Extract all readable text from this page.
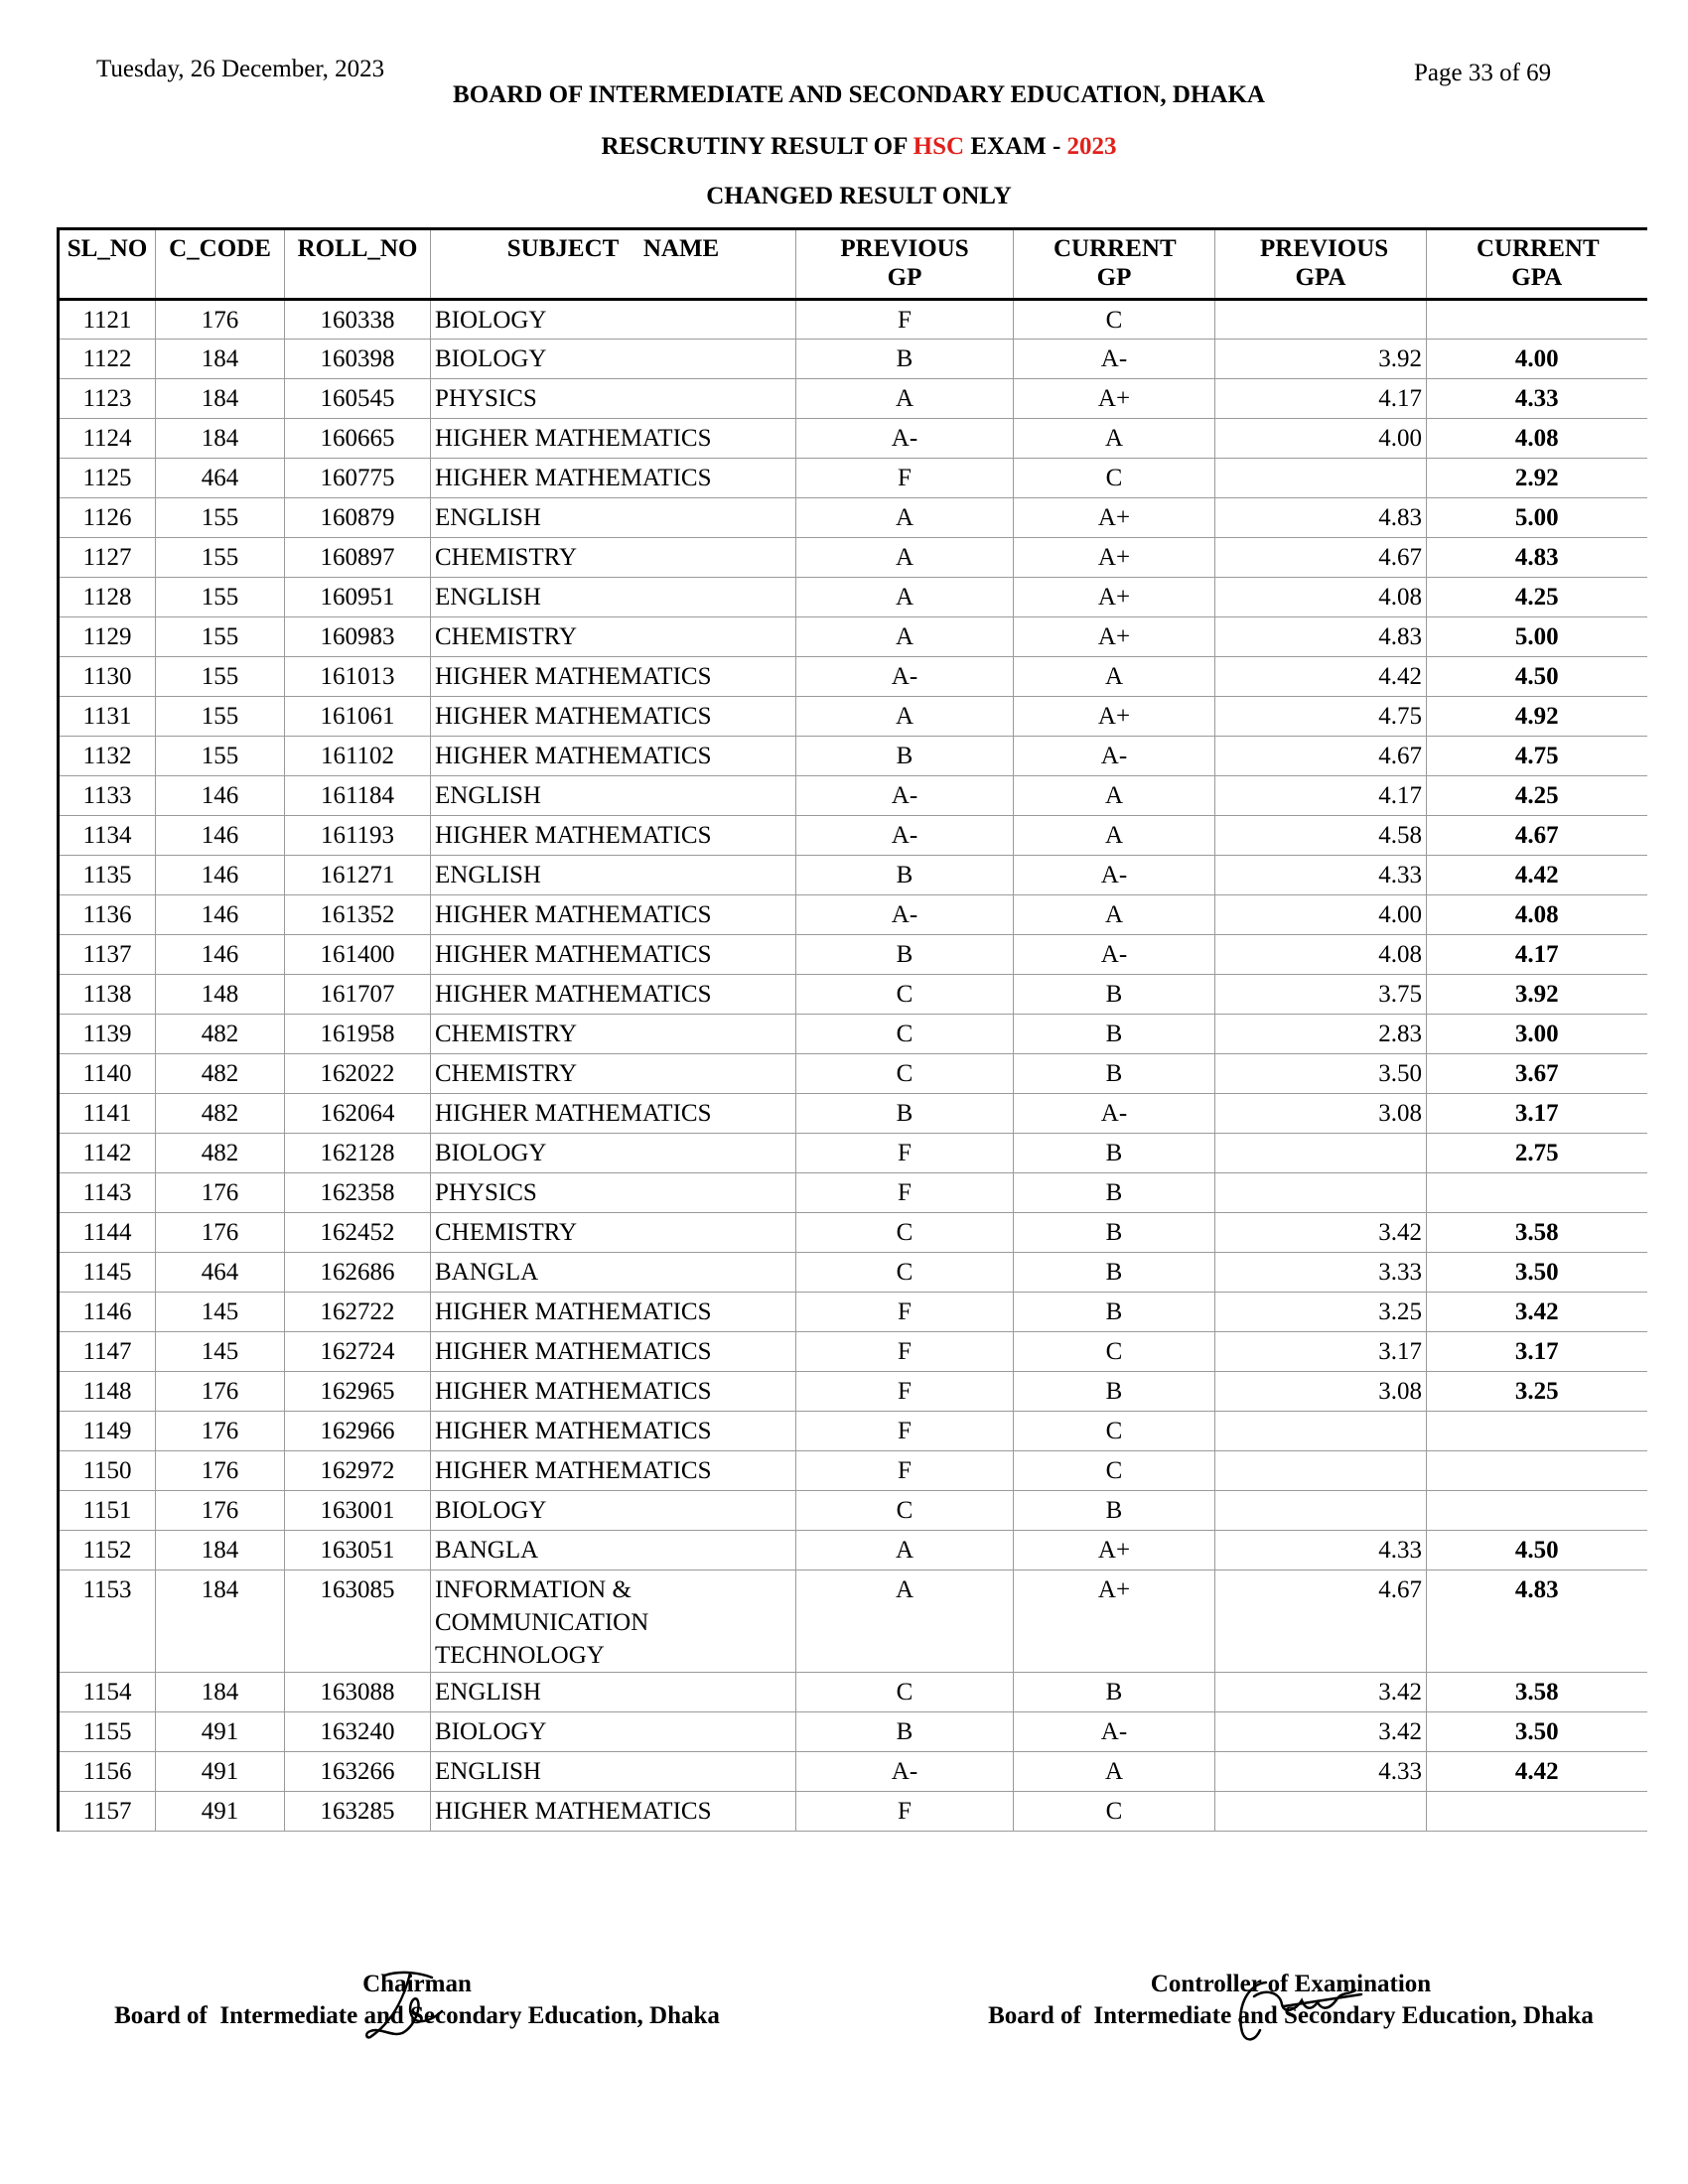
Tuesday, 26 December, 2023	Page 33 of 69
BOARD OF INTERMEDIATE AND SECONDARY EDUCATION, DHAKA
RESCRUTINY RESULT OF HSC EXAM - 2023
CHANGED RESULT ONLY
SL_NO	C_CODE	ROLL_NO	SUBJECT    NAME	PREVIOUS GP	CURRENT GP	PREVIOUS GPA	CURRENT GPA
1121	176	160338	BIOLOGY	F	C		
1122	184	160398	BIOLOGY	B	A-	3.92	4.00
1123	184	160545	PHYSICS	A	A+	4.17	4.33
1124	184	160665	HIGHER MATHEMATICS	A-	A	4.00	4.08
1125	464	160775	HIGHER MATHEMATICS	F	C		2.92
1126	155	160879	ENGLISH	A	A+	4.83	5.00
1127	155	160897	CHEMISTRY	A	A+	4.67	4.83
1128	155	160951	ENGLISH	A	A+	4.08	4.25
1129	155	160983	CHEMISTRY	A	A+	4.83	5.00
1130	155	161013	HIGHER MATHEMATICS	A-	A	4.42	4.50
1131	155	161061	HIGHER MATHEMATICS	A	A+	4.75	4.92
1132	155	161102	HIGHER MATHEMATICS	B	A-	4.67	4.75
1133	146	161184	ENGLISH	A-	A	4.17	4.25
1134	146	161193	HIGHER MATHEMATICS	A-	A	4.58	4.67
1135	146	161271	ENGLISH	B	A-	4.33	4.42
1136	146	161352	HIGHER MATHEMATICS	A-	A	4.00	4.08
1137	146	161400	HIGHER MATHEMATICS	B	A-	4.08	4.17
1138	148	161707	HIGHER MATHEMATICS	C	B	3.75	3.92
1139	482	161958	CHEMISTRY	C	B	2.83	3.00
1140	482	162022	CHEMISTRY	C	B	3.50	3.67
1141	482	162064	HIGHER MATHEMATICS	B	A-	3.08	3.17
1142	482	162128	BIOLOGY	F	B		2.75
1143	176	162358	PHYSICS	F	B		
1144	176	162452	CHEMISTRY	C	B	3.42	3.58
1145	464	162686	BANGLA	C	B	3.33	3.50
1146	145	162722	HIGHER MATHEMATICS	F	B	3.25	3.42
1147	145	162724	HIGHER MATHEMATICS	F	C	3.17	3.17
1148	176	162965	HIGHER MATHEMATICS	F	B	3.08	3.25
1149	176	162966	HIGHER MATHEMATICS	F	C		
1150	176	162972	HIGHER MATHEMATICS	F	C		
1151	176	163001	BIOLOGY	C	B		
1152	184	163051	BANGLA	A	A+	4.33	4.50
1153	184	163085	INFORMATION & COMMUNICATION TECHNOLOGY	A	A+	4.67	4.83
1154	184	163088	ENGLISH	C	B	3.42	3.58
1155	491	163240	BIOLOGY	B	A-	3.42	3.50
1156	491	163266	ENGLISH	A-	A	4.33	4.42
1157	491	163285	HIGHER MATHEMATICS	F	C		
Chairman
Board of  Intermediate and Secondary Education, Dhaka
Controller of Examination
Board of  Intermediate and Secondary Education, Dhaka
